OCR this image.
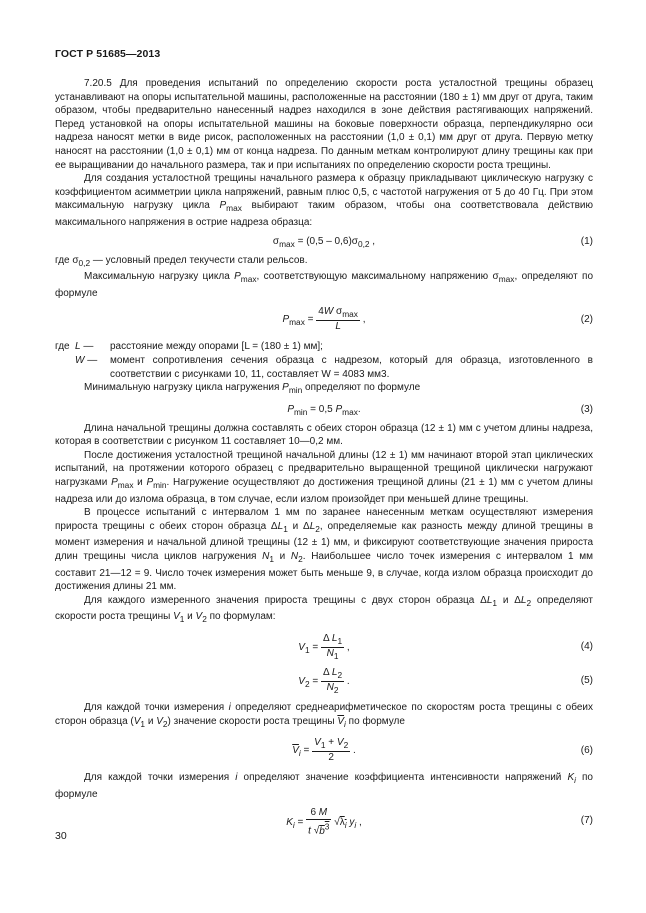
ГОСТ Р 51685—2013

7.20.5 Для проведения испытаний по определению скорости роста усталостной трещины образец устанавливают на опоры испытательной машины, расположенные на расстоянии (180 ± 1) мм друг от друга, таким образом, чтобы предварительно нанесенный надрез находился в зоне действия растягивающих напряжений. Перед установкой на опоры испытательной машины на боковые поверхности образца, перпендикулярно оси надреза наносят метки в виде рисок, расположенных на расстоянии (1,0 ± 0,1) мм друг от друга. Первую метку наносят на расстоянии (1,0 ± 0,1) мм от конца надреза. По данным меткам контролируют длину трещины как при ее выращивании до начального размера, так и при испытаниях по определению скорости роста трещины.

Для создания усталостной трещины начального размера к образцу прикладывают циклическую нагрузку с коэффициентом асимметрии цикла напряжений, равным плюс 0,5, с частотой нагружения от 5 до 40 Гц. При этом максимальную нагрузку цикла $P_{max}$ выбирают таким образом, чтобы она соответствовала действию максимального напряжения в острие надреза образца:

$\sigma_{max} = (0,5 - 0,6)\sigma_{0,2}$ ,	(1)

где $\sigma_{0,2}$ — условный предел текучести стали рельсов.

Максимальную нагрузку цикла $P_{max}$, соответствующую максимальному напряжению $\sigma_{max}$, определяют по формуле

$P_{max} = \frac{4W \sigma_{max}}{L}$ ,	(2)
где L —	расстояние между опорами [L = (180 ± 1) мм];
W —	момент сопротивления сечения образца с надрезом, который для образца, изготовленного в соответствии с рисунками 10, 11, составляет W = 4083 мм3.

Минимальную нагрузку цикла нагружения $P_{min}$ определяют по формуле

$P_{min} = 0,5$ $P_{max}$.	(3)

Длина начальной трещины должна составлять с обеих сторон образца (12 ± 1) мм с учетом длины надреза, которая в соответствии с рисунком 11 составляет 10—0,2 мм.

После достижения усталостной трещиной начальной длины (12 ± 1) мм начинают второй этап циклических испытаний, на протяжении которого образец с предварительно выращенной трещиной циклически нагружают нагрузками $P_{max}$ и $P_{min}$. Нагружение осуществляют до достижения трещиной длины (21 ± 1) мм с учетом длины надреза или до излома образца, в том случае, если излом произойдет при меньшей длине трещины.

В процессе испытаний с интервалом 1 мм по заранее нанесенным меткам осуществляют измерения прироста трещины с обеих сторон образца $\Delta L_1$ и $\Delta L_2$, определяемые как разность между длиной трещины в момент измерения и начальной длиной трещины (12 ± 1) мм, и фиксируют соответствующие значения прироста длин трещины числа циклов нагружения $N_1$ и $N_2$. Наибольшее число точек измерения с интервалом 1 мм составит 21—12 = 9. Число точек измерения может быть меньше 9, в случае, когда излом образца происходит до достижения длины 21 мм.

Для каждого измеренного значения прироста трещины с двух сторон образца $\Delta L_1$ и $\Delta L_2$ определяют скорости роста трещины $V_1$ и $V_2$ по формулам:

$V_1 = \frac{\Delta L_1}{N_1}$ ,	(4)
$V_2 = \frac{\Delta L_2}{N_2}$ .	(5)

Для каждой точки измерения i определяют среднеарифметическое по скоростям роста трещины с обеих сторон образца ($V_1$ и $V_2$) значение скорости роста трещины $\overline{V}_i$ по формуле

$\overline{V}_i = \frac{V_1 + V_2}{2}$ .	(6)

Для каждой точки измерения i определяют значение коэффициента интенсивности напряжений $K_i$ по формуле

$K_i = \frac{6 M}{t √b^3} √\lambda_i$ $y_i$ ,	(7)
30
